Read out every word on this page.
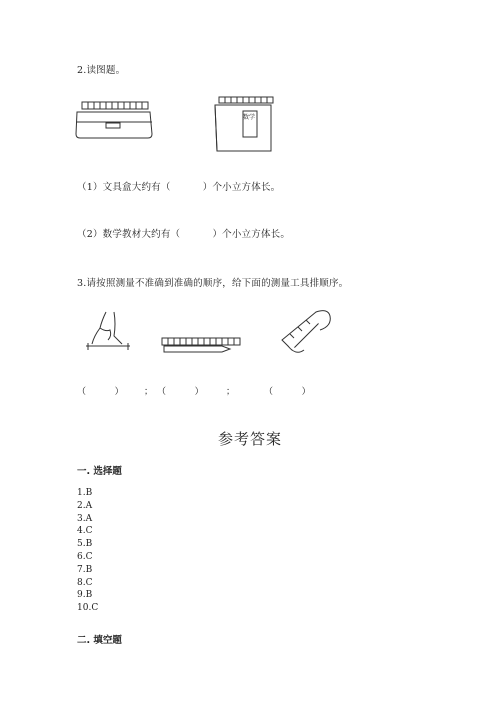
2.读图题。
数学
（1）文具盒大约有（          ）个小立方体长。
（2）数学教材大约有（          ）个小立方体长。
3.请按照测量不准确到准确的顺序，给下面的测量工具排顺序。
（          ） ； （          ） ；	（          ）
参考答案
一. 选择题
1.B
2.A
3.A
4.C
5.B
6.C
7.B
8.C
9.B
10.C
二. 填空题
